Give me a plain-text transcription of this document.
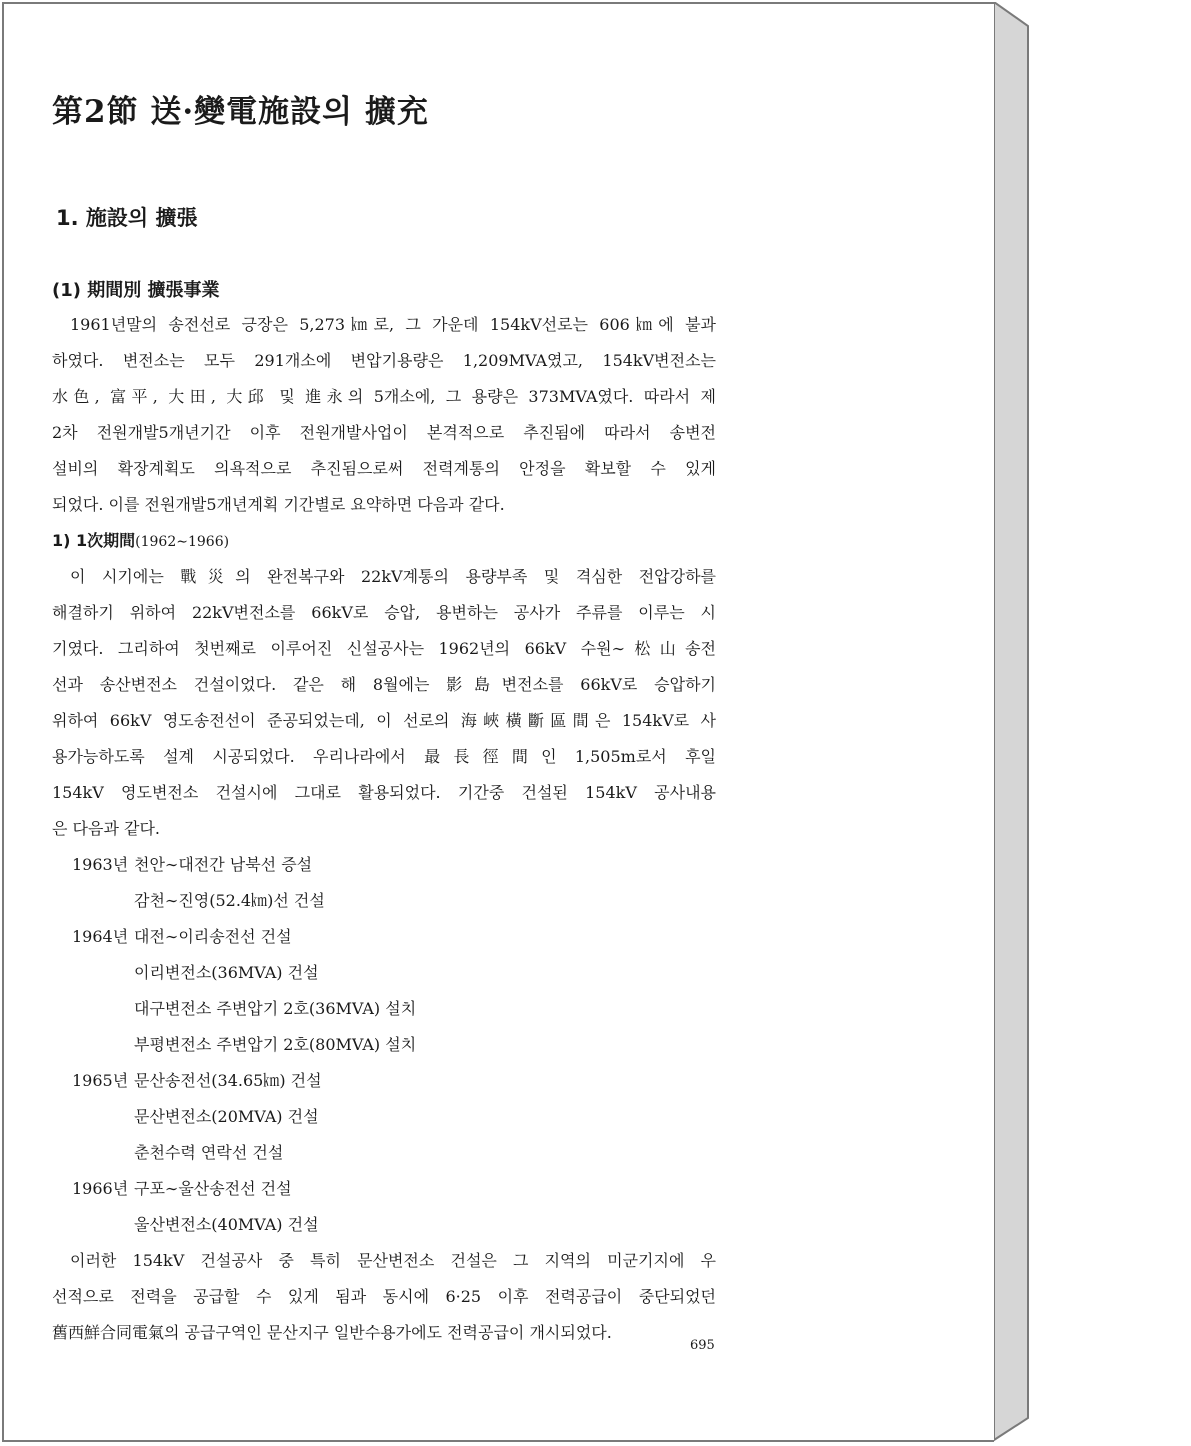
第2節 送·變電施設의 擴充
1. 施設의 擴張
(1) 期間別 擴張事業
1961년말의 송전선로 긍장은 5,273㎞로, 그 가운데 154kV선로는 606㎞에 불과
하였다. 변전소는 모두 291개소에 변압기용량은 1,209MVA였고, 154kV변전소는
水色, 富平, 大田, 大邱 및 進永의 5개소에, 그 용량은 373MVA였다. 따라서 제
2차 전원개발5개년기간 이후 전원개발사업이 본격적으로 추진됨에 따라서 송변전
설비의 확장계획도 의욕적으로 추진됨으로써 전력계통의 안정을 확보할 수 있게
되었다. 이를 전원개발5개년계획 기간별로 요약하면 다음과 같다.
1) 1次期間(1962∼1966)
이 시기에는 戰災의 완전복구와 22kV계통의 용량부족 및 격심한 전압강하를
해결하기 위하여 22kV변전소를 66kV로 승압, 용변하는 공사가 주류를 이루는 시
기였다. 그리하여 첫번째로 이루어진 신설공사는 1962년의 66kV 수원∼松山송전
선과 송산변전소 건설이었다. 같은 해 8월에는 影島변전소를 66kV로 승압하기
위하여 66kV 영도송전선이 준공되었는데, 이 선로의 海峽橫斷區間은 154kV로 사
용가능하도록 설계 시공되었다. 우리나라에서 最長徑間인 1,505m로서 후일
154kV 영도변전소 건설시에 그대로 활용되었다. 기간중 건설된 154kV 공사내용
은 다음과 같다.
1963년 천안∼대전간 남북선 증설
감천∼진영(52.4㎞)선 건설
1964년 대전∼이리송전선 건설
이리변전소(36MVA) 건설
대구변전소 주변압기 2호(36MVA) 설치
부평변전소 주변압기 2호(80MVA) 설치
1965년 문산송전선(34.65㎞) 건설
문산변전소(20MVA) 건설
춘천수력 연락선 건설
1966년 구포∼울산송전선 건설
울산변전소(40MVA) 건설
이러한 154kV 건설공사 중 특히 문산변전소 건설은 그 지역의 미군기지에 우
선적으로 전력을 공급할 수 있게 됨과 동시에 6·25 이후 전력공급이 중단되었던
舊西鮮合同電氣의 공급구역인 문산지구 일반수용가에도 전력공급이 개시되었다.
695
